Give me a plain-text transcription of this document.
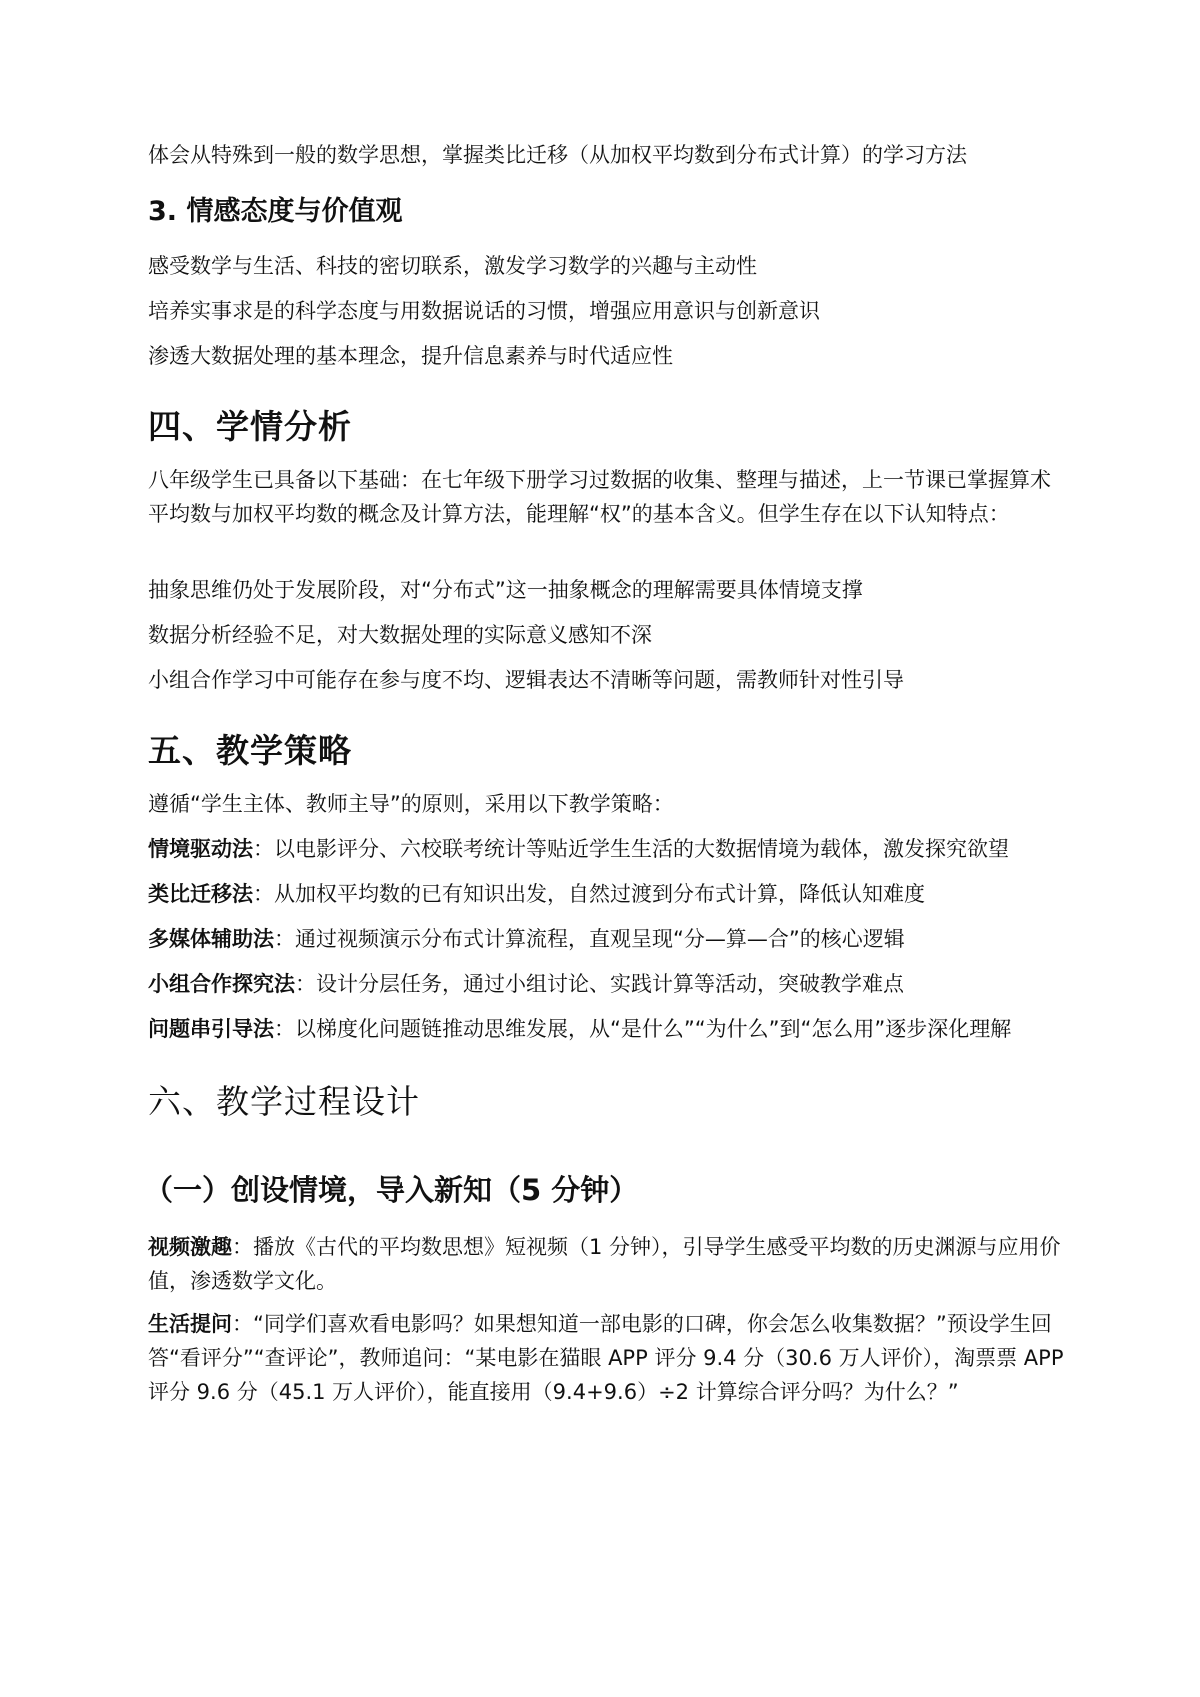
体会从特殊到一般的数学思想，掌握类比迁移（从加权平均数到分布式计算）的学习方法

3. 情感态度与价值观

感受数学与生活、科技的密切联系，激发学习数学的兴趣与主动性

培养实事求是的科学态度与用数据说话的习惯，增强应用意识与创新意识

渗透大数据处理的基本理念，提升信息素养与时代适应性

四、学情分析

八年级学生已具备以下基础：在七年级下册学习过数据的收集、整理与描述，上一节课已掌握算术平均数与加权平均数的概念及计算方法，能理解“权”的基本含义。但学生存在以下认知特点：

抽象思维仍处于发展阶段，对“分布式”这一抽象概念的理解需要具体情境支撑

数据分析经验不足，对大数据处理的实际意义感知不深

小组合作学习中可能存在参与度不均、逻辑表达不清晰等问题，需教师针对性引导

五、教学策略

遵循“学生主体、教师主导”的原则，采用以下教学策略：

情境驱动法：以电影评分、六校联考统计等贴近学生生活的大数据情境为载体，激发探究欲望

类比迁移法：从加权平均数的已有知识出发，自然过渡到分布式计算，降低认知难度

多媒体辅助法：通过视频演示分布式计算流程，直观呈现“分—算—合”的核心逻辑

小组合作探究法：设计分层任务，通过小组讨论、实践计算等活动，突破教学难点

问题串引导法：以梯度化问题链推动思维发展，从“是什么”“为什么”到“怎么用”逐步深化理解

六、教学过程设计
（一）创设情境，导入新知（5 分钟）

视频激趣：播放《古代的平均数思想》短视频（1 分钟），引导学生感受平均数的历史渊源与应用价值，渗透数学文化。

生活提问：“同学们喜欢看电影吗？如果想知道一部电影的口碑，你会怎么收集数据？”预设学生回答“看评分”“查评论”，教师追问：“某电影在猫眼 APP 评分 9.4 分（30.6 万人评价），淘票票 APP 评分 9.6 分（45.1 万人评价），能直接用（9.4+9.6）÷2 计算综合评分吗？为什么？”
